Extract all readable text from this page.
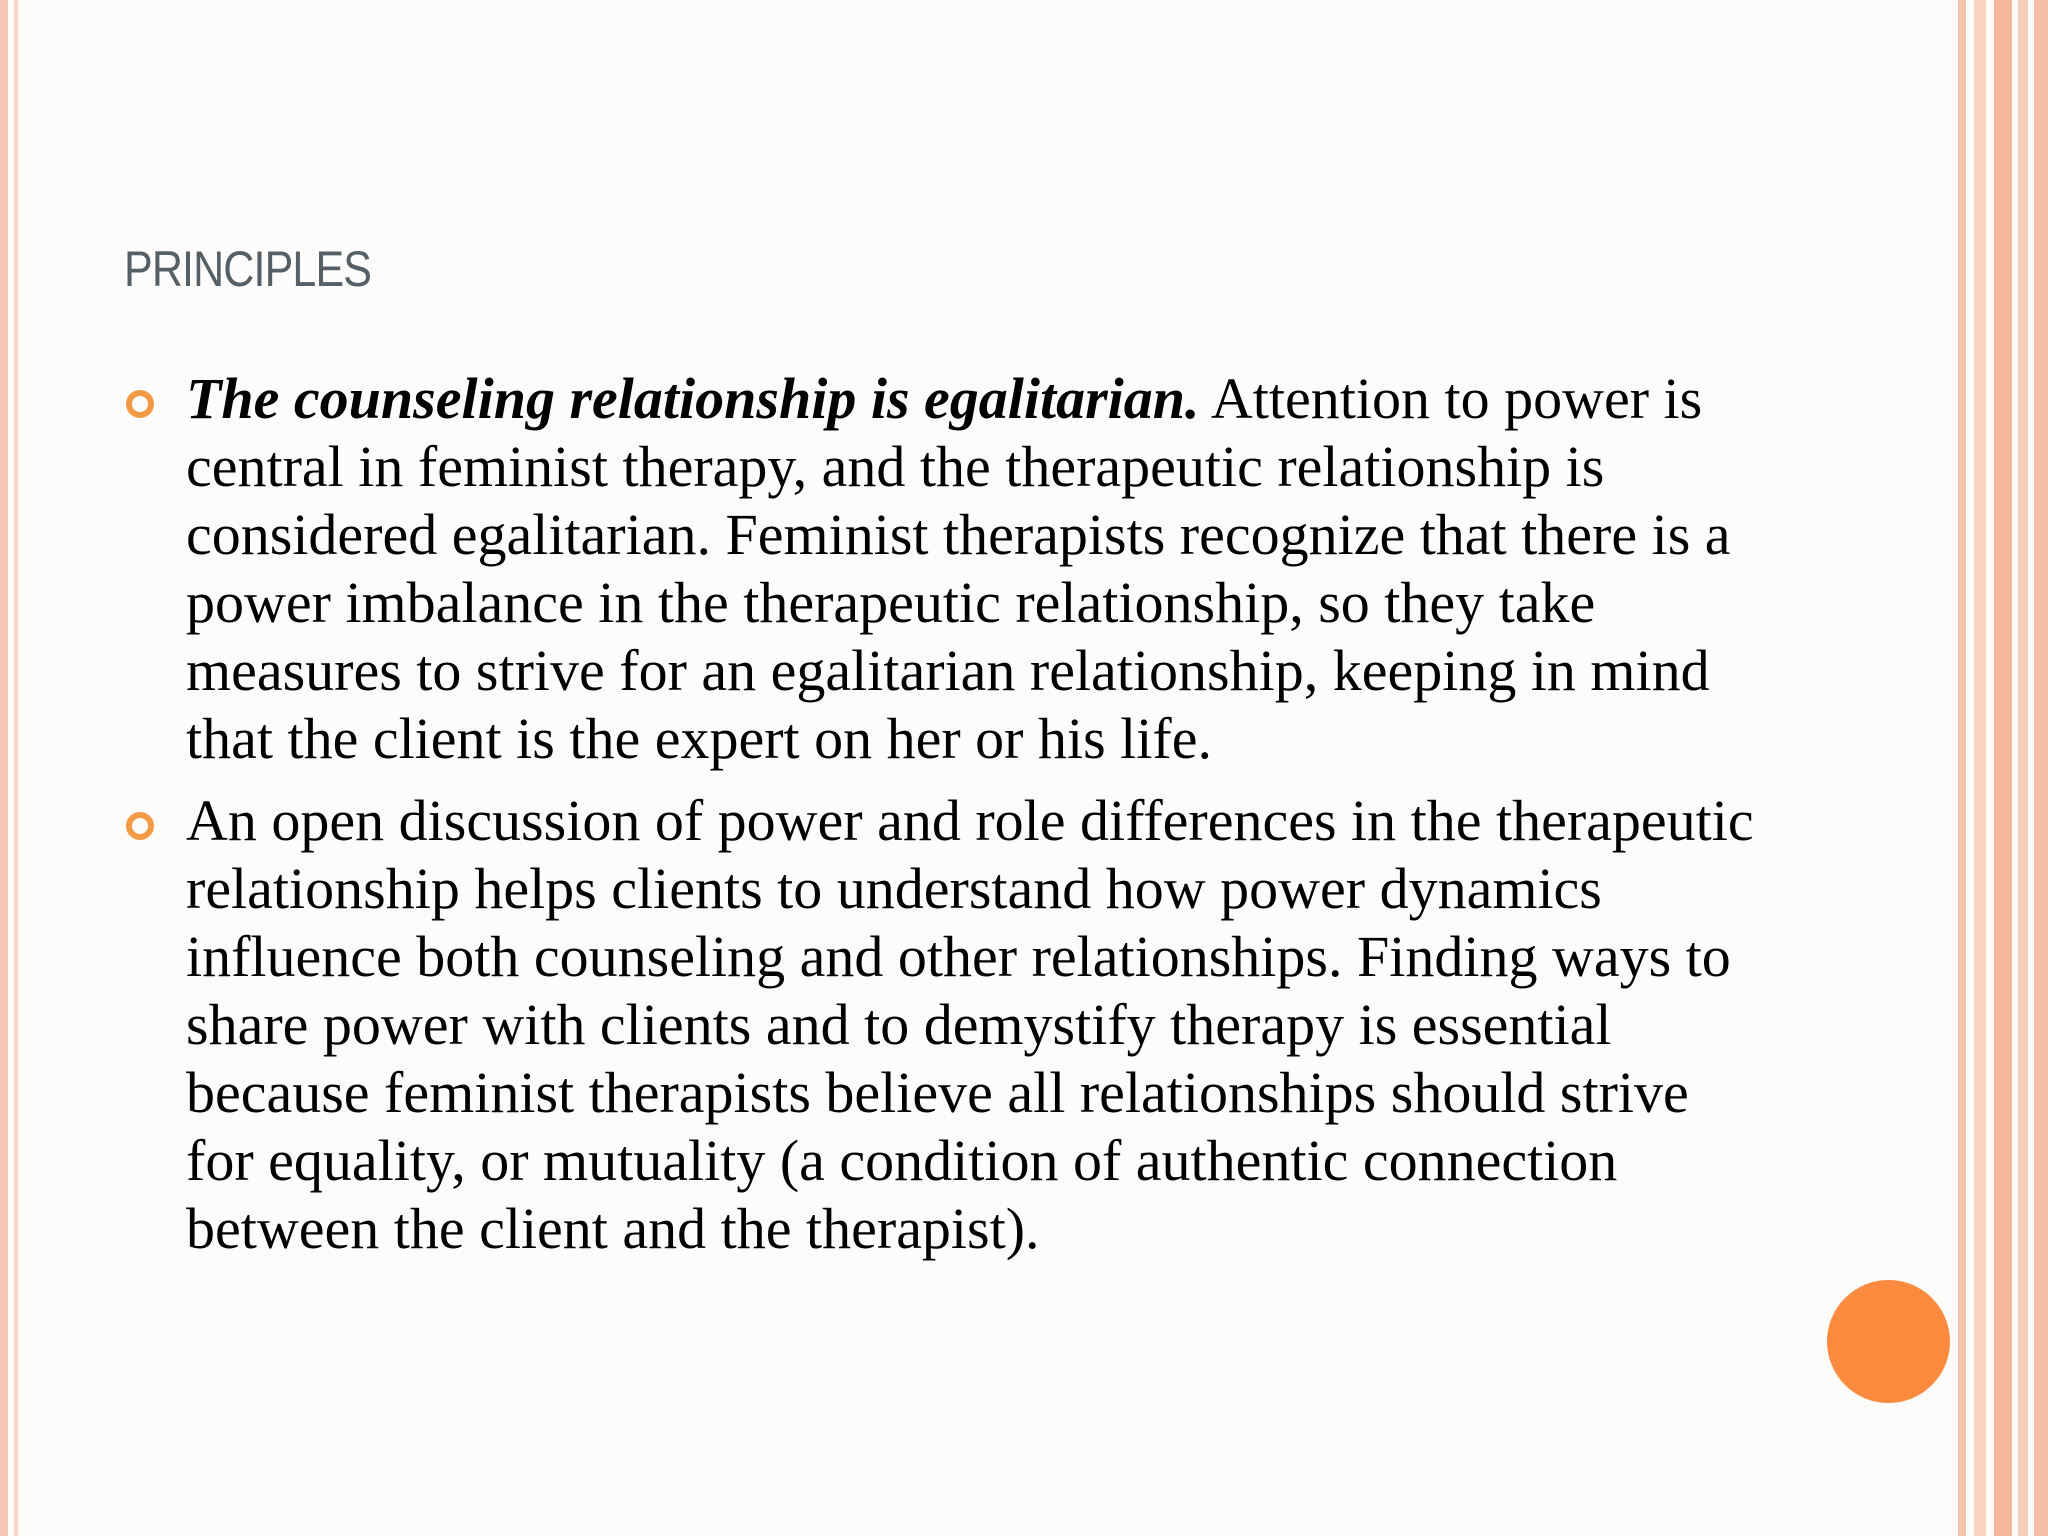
PRINCIPLES
The counseling relationship is egalitarian. Attention to power is central in feminist therapy, and the therapeutic relationship is considered egalitarian. Feminist therapists recognize that there is a power imbalance in the therapeutic relationship, so they take measures to strive for an egalitarian relationship, keeping in mind that the client is the expert on her or his life.
An open discussion of power and role differences in the therapeutic relationship helps clients to understand how power dynamics influence both counseling and other relationships. Finding ways to share power with clients and to demystify therapy is essential because feminist therapists believe all relationships should strive for equality, or mutuality (a condition of authentic connection between the client and the therapist).
